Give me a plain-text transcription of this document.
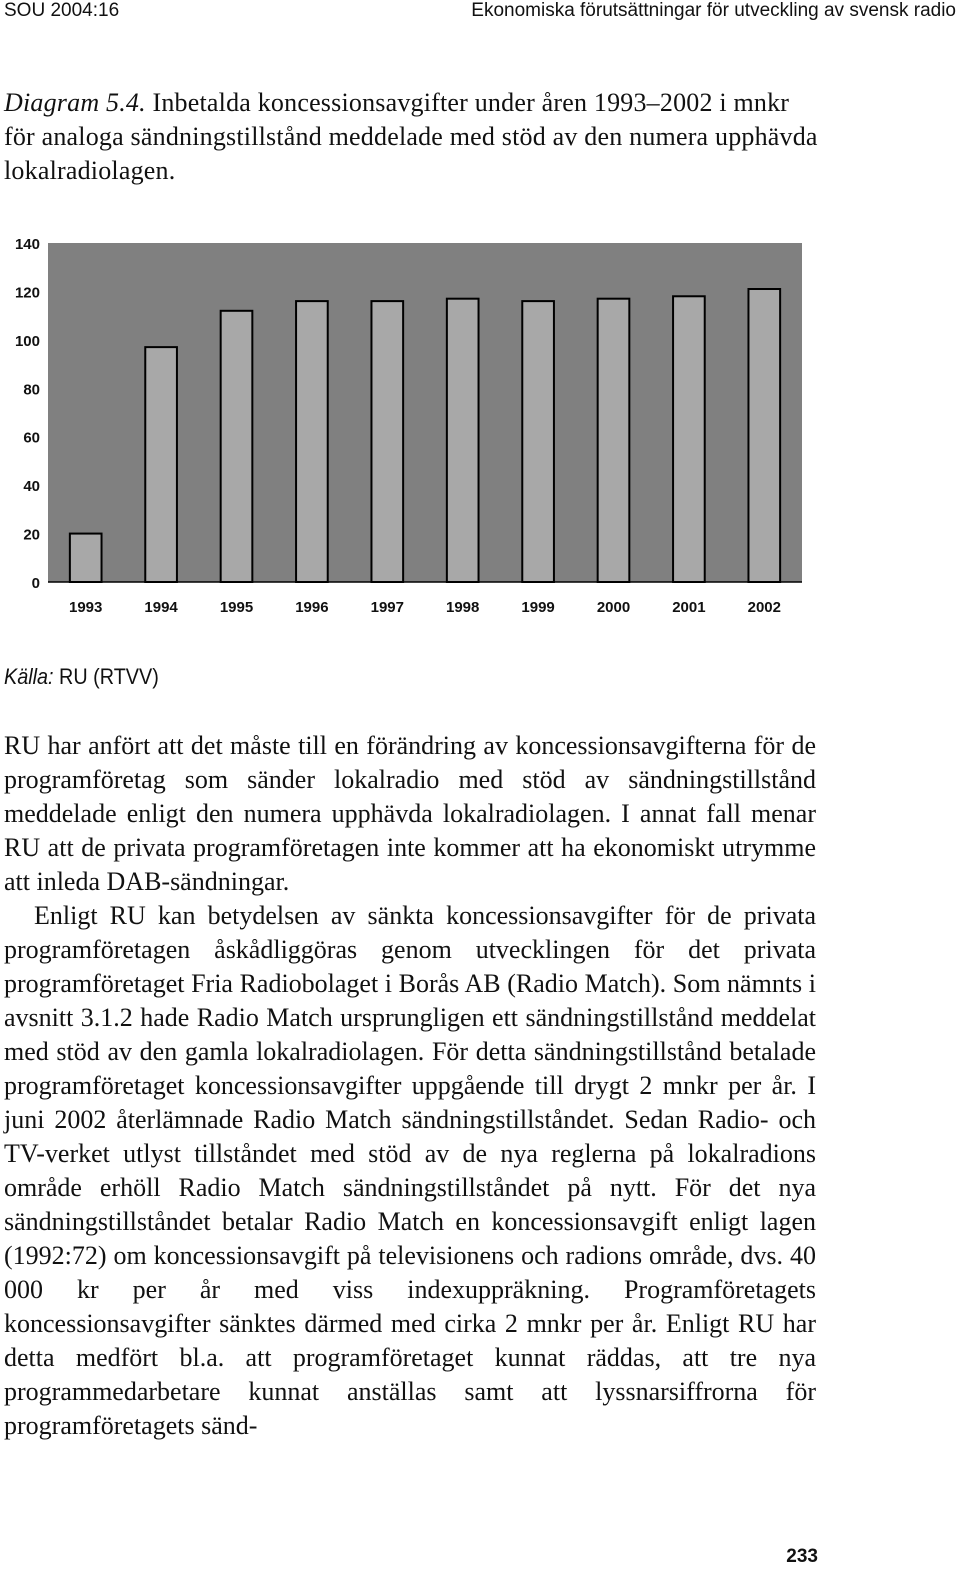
SOU 2004:16	Ekonomiska förutsättningar för utveckling av svensk radio
Diagram 5.4. Inbetalda koncessionsavgifter under åren 1993–2002 i mnkr för analoga sändningstillstånd meddelade med stöd av den numera upphävda lokalradiolagen.
0
20
40
60
80
100
120
140
1993	1994	1995	1996	1997	1998	1999	2000	2001	2002
Källa: RU (RTVV)

RU har anfört att det måste till en förändring av koncessionsavgifterna för de programföretag som sänder lokalradio med stöd av sändningstillstånd meddelade enligt den numera upphävda lokalradiolagen. I annat fall menar RU att de privata programföretagen inte kommer att ha ekonomiskt utrymme att inleda DAB-sändningar.

Enligt RU kan betydelsen av sänkta koncessionsavgifter för de privata programföretagen åskådliggöras genom utvecklingen för det privata programföretaget Fria Radiobolaget i Borås AB (Radio Match). Som nämnts i avsnitt 3.1.2 hade Radio Match ursprungligen ett sändningstillstånd meddelat med stöd av den gamla lokalradiolagen. För detta sändningstillstånd betalade programföretaget koncessionsavgifter uppgående till drygt 2 mnkr per år. I juni 2002 återlämnade Radio Match sändningstillståndet. Sedan Radio- och TV-verket utlyst tillståndet med stöd av de nya reglerna på lokalradions område erhöll Radio Match sändningstillståndet på nytt. För det nya sändningstillståndet betalar Radio Match en koncessionsavgift enligt lagen (1992:72) om koncessionsavgift på televisionens och radions område, dvs. 40 000 kr per år med viss indexuppräkning. Programföretagets koncessionsavgifter sänktes därmed med cirka 2 mnkr per år. Enligt RU har detta medfört bl.a. att programföretaget kunnat räddas, att tre nya programmedarbetare kunnat anställas samt att lyssnarsiffrorna för programföretagets sänd-

233
